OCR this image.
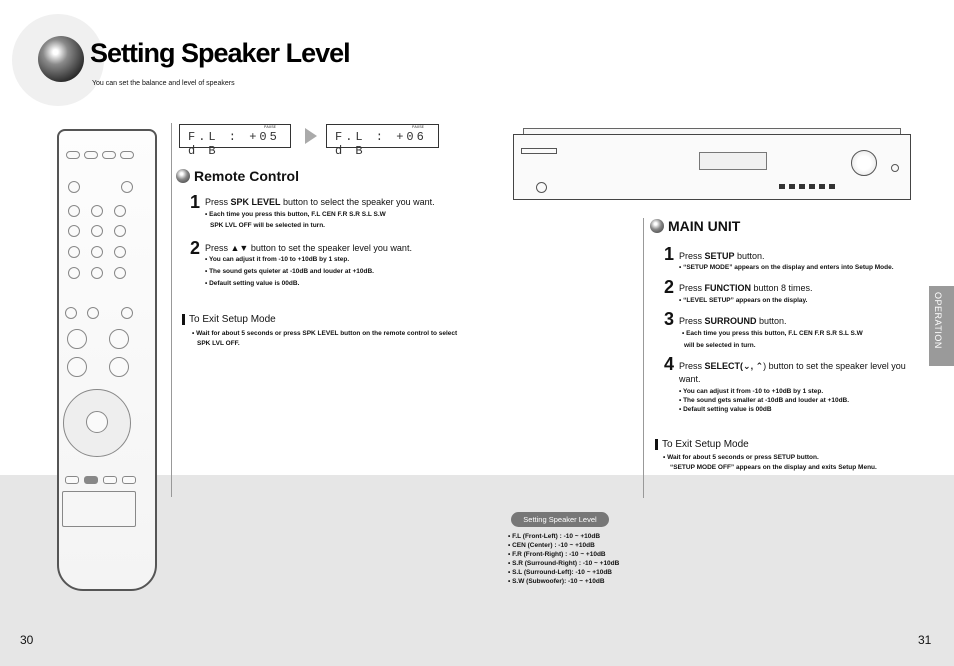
Setting Speaker Level
You can set the balance and level of speakers
PAUSE
F.L : +05 d B
PAUSE
F.L : +06 d B
Remote Control
1 Press SPK LEVEL button to select the speaker you want.
• Each time you press this button, F.L CEN F.R S.R S.L S.W
SPK LVL OFF will be selected in turn.
2 Press ▲▼ button to set the speaker level you want.
• You can adjust it from -10 to +10dB by 1 step.
• The sound gets quieter at -10dB and louder at +10dB.
• Default setting value is 00dB.
To Exit Setup Mode
• Wait for about 5 seconds or press SPK LEVEL button on the remote control to select
SPK LVL OFF.
MAIN UNIT
1 Press SETUP button.
• “SETUP MODE” appears on the display and enters into Setup Mode.
2 Press FUNCTION button 8 times.
• “LEVEL SETUP” appears on the display.
3 Press SURROUND button.
• Each time you press this button, F.L CEN F.R S.R S.L S.W
will be selected in turn.
4 Press SELECT(⌄, ⌃) button to set the speaker level you
want.
• You can adjust it from -10 to +10dB by 1 step.
• The sound gets smaller at -10dB and louder at +10dB.
• Default setting value is 00dB
To Exit Setup Mode
• Wait for about 5 seconds or press SETUP button.
“SETUP MODE OFF” appears on the display and exits Setup Menu.
OPERATION
Setting Speaker Level
• F.L (Front-Left) : -10 ~ +10dB
• CEN (Center) : -10 ~ +10dB
• F.R (Front-Right) : -10 ~ +10dB
• S.R (Surround-Right) : -10 ~ +10dB
• S.L (Surround-Left): -10 ~ +10dB
• S.W (Subwoofer): -10 ~ +10dB
30	31
